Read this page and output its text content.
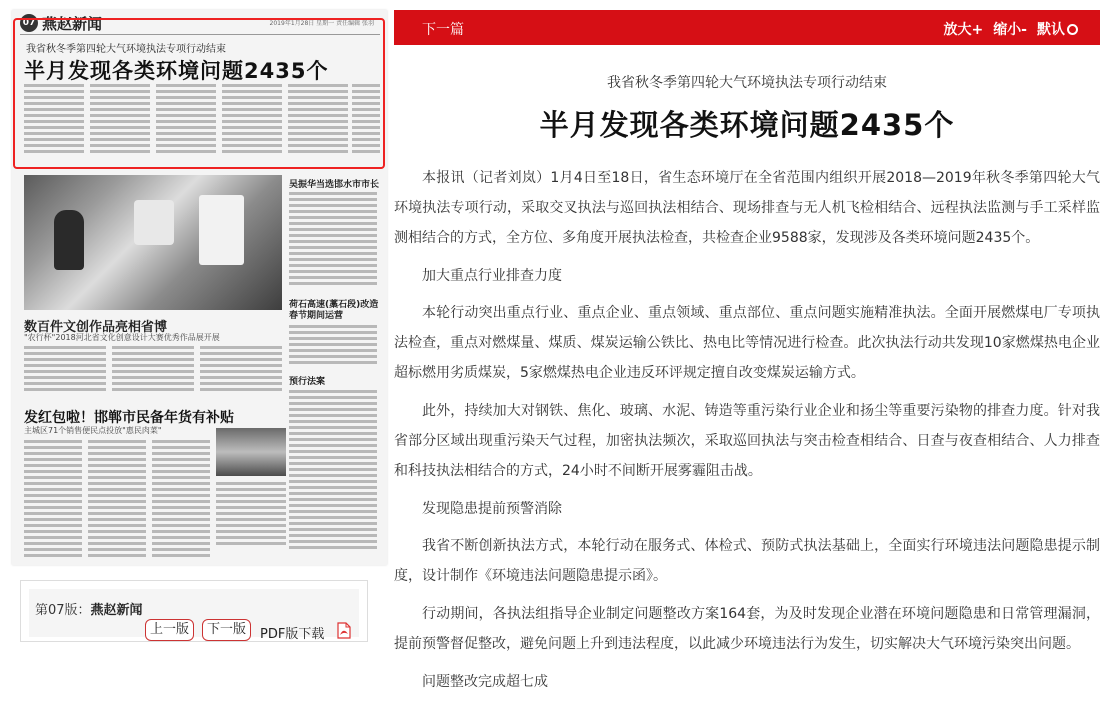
07 燕赵新闻	2019年1月28日 星期一 责任编辑 张羽
我省秋冬季第四轮大气环境执法专项行动结束
半月发现各类环境问题2435个
吴振华当选邯水市市长
荷石高速(藁石段)改造 春节期间运营
预行法案
数百件文创作品亮相省博
"农行杯"2018河北省文化创意设计大赛优秀作品展开展
发红包啦！邯郸市民备年货有补贴
主城区71个销售便民点投放"惠民肉菜"
第07版：燕赵新闻
上一版	下一版	PDF版下载
下一篇	放大+ 缩小- 默认
我省秋冬季第四轮大气环境执法专项行动结束
半月发现各类环境问题2435个

本报讯（记者刘岚）1月4日至18日，省生态环境厅在全省范围内组织开展2018—2019年秋冬季第四轮大气环境执法专项行动，采取交叉执法与巡回执法相结合、现场排查与无人机飞检相结合、远程执法监测与手工采样监测相结合的方式，全方位、多角度开展执法检查，共检查企业9588家，发现涉及各类环境问题2435个。

加大重点行业排查力度

本轮行动突出重点行业、重点企业、重点领域、重点部位、重点问题实施精准执法。全面开展燃煤电厂专项执法检查，重点对燃煤量、煤质、煤炭运输公铁比、热电比等情况进行检查。此次执法行动共发现10家燃煤热电企业超标燃用劣质煤炭，5家燃煤热电企业违反环评规定擅自改变煤炭运输方式。

此外，持续加大对钢铁、焦化、玻璃、水泥、铸造等重污染行业企业和扬尘等重要污染物的排查力度。针对我省部分区域出现重污染天气过程，加密执法频次，采取巡回执法与突击检查相结合、日查与夜查相结合、人力排查和科技执法相结合的方式，24小时不间断开展雾霾阻击战。

发现隐患提前预警消除

我省不断创新执法方式，本轮行动在服务式、体检式、预防式执法基础上，全面实行环境违法问题隐患提示制度，设计制作《环境违法问题隐患提示函》。

行动期间，各执法组指导企业制定问题整改方案164套，为及时发现企业潜在环境问题隐患和日常管理漏洞，提前预警督促整改，避免问题上升到违法程度，以此减少环境违法行为发生，切实解决大气环境污染突出问题。

问题整改完成超七成
